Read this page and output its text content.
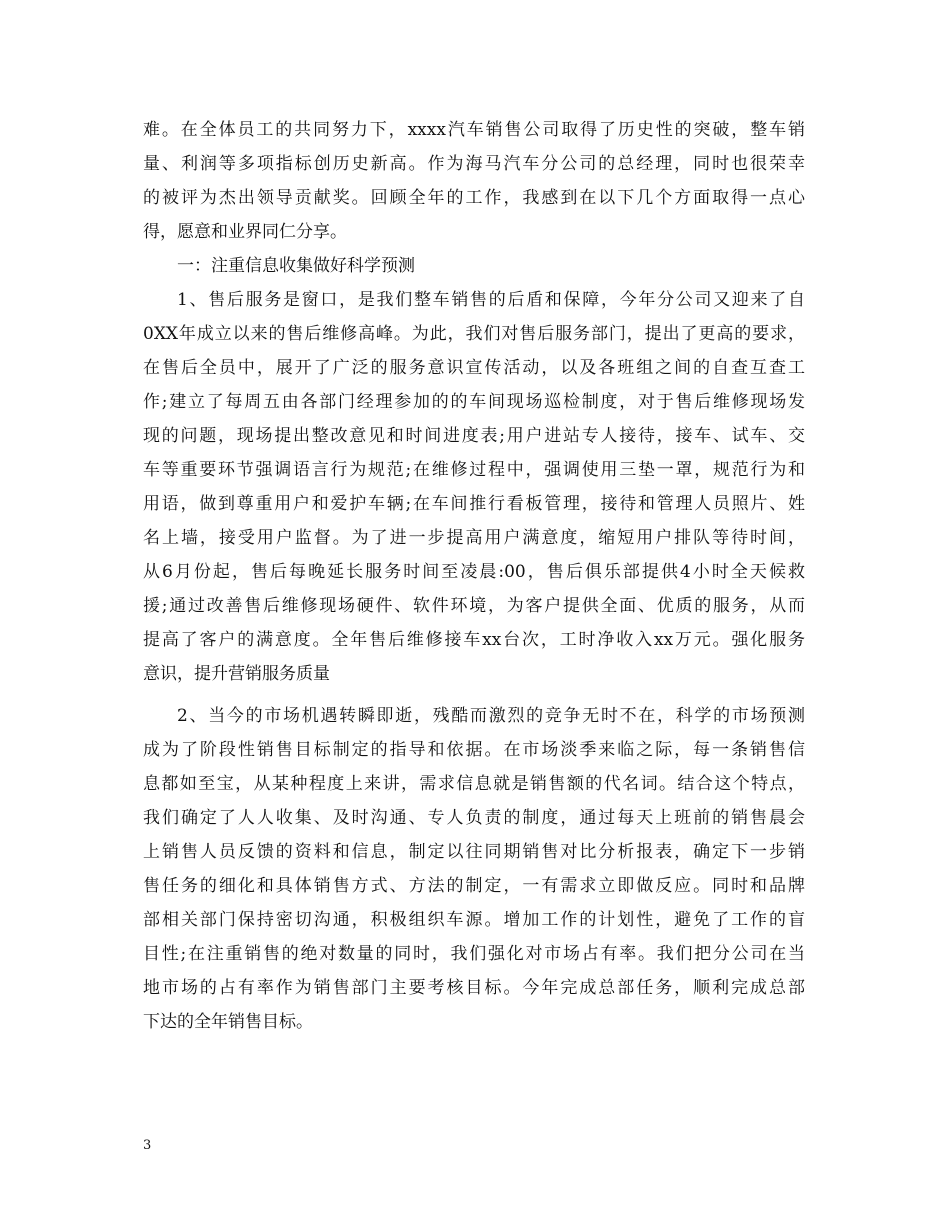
难。在全体员工的共同努力下，xxxx汽车销售公司取得了历史性的突破，整车销
量、利润等多项指标创历史新高。作为海马汽车分公司的总经理，同时也很荣幸
的被评为杰出领导贡献奖。回顾全年的工作，我感到在以下几个方面取得一点心
得，愿意和业界同仁分享。
一：注重信息收集做好科学预测
1、售后服务是窗口，是我们整车销售的后盾和保障，今年分公司又迎来了自
0XX年成立以来的售后维修高峰。为此，我们对售后服务部门，提出了更高的要求，
在售后全员中，展开了广泛的服务意识宣传活动，以及各班组之间的自查互查工
作;建立了每周五由各部门经理参加的的车间现场巡检制度，对于售后维修现场发
现的问题，现场提出整改意见和时间进度表;用户进站专人接待，接车、试车、交
车等重要环节强调语言行为规范;在维修过程中，强调使用三垫一罩，规范行为和
用语，做到尊重用户和爱护车辆;在车间推行看板管理，接待和管理人员照片、姓
名上墙，接受用户监督。为了进一步提高用户满意度，缩短用户排队等待时间，
从6月份起，售后每晚延长服务时间至凌晨:00，售后俱乐部提供4小时全天候救
援;通过改善售后维修现场硬件、软件环境，为客户提供全面、优质的服务，从而
提高了客户的满意度。全年售后维修接车xx台次，工时净收入xx万元。强化服务
意识，提升营销服务质量
2、当今的市场机遇转瞬即逝，残酷而激烈的竞争无时不在，科学的市场预测
成为了阶段性销售目标制定的指导和依据。在市场淡季来临之际，每一条销售信
息都如至宝，从某种程度上来讲，需求信息就是销售额的代名词。结合这个特点，
我们确定了人人收集、及时沟通、专人负责的制度，通过每天上班前的销售晨会
上销售人员反馈的资料和信息，制定以往同期销售对比分析报表，确定下一步销
售任务的细化和具体销售方式、方法的制定，一有需求立即做反应。同时和品牌
部相关部门保持密切沟通，积极组织车源。增加工作的计划性，避免了工作的盲
目性;在注重销售的绝对数量的同时，我们强化对市场占有率。我们把分公司在当
地市场的占有率作为销售部门主要考核目标。今年完成总部任务，顺利完成总部
下达的全年销售目标。
3
